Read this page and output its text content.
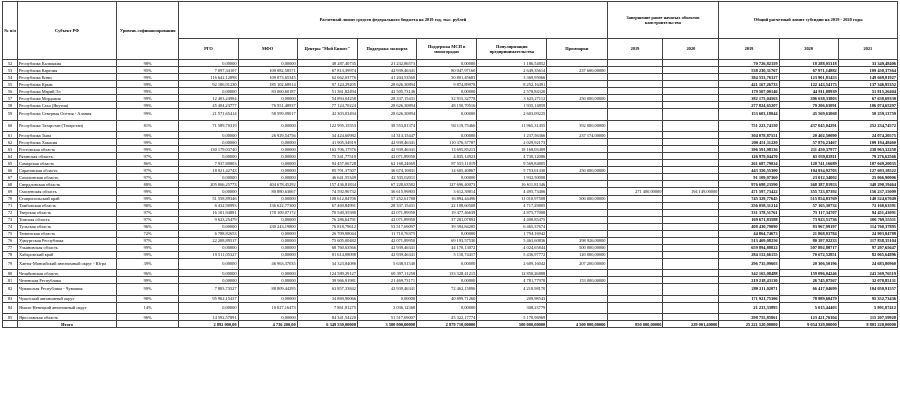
№ п/п	Субъект РФ	Уровень софинансирования	Расчетный лимит средств федерального бюджета на 2019 год, тыс. рублей							Завершение ранее начатых объектов капстроительства		Общий расчетный лимит субсидии на 2019 - 2020 годы		
			РГО	МФО	Центры "Мой Бизнес"	Поддержка экспорта	Поддержка МСП в моногородах	Популяризация предпринимательства	Промпарки	2019	2020	2019	2020	2021
52	Республика Калмыкия	98%	0,00000	0,00000	48 287,40735	21 232,86573	0,00000	1 186,54852				70 726,82159	18 288,05318	33 349,48406
53	Республика Карелия	95%	7 097,34107	100 082,58571	67 813,39974	42 939,46341	80 047,97160	2 649,35614	237 600,00000			538 230,31767	67 971,14882	109 450,37364
54	Республика Коми	99%	116 642,12898	109 873,65345	62 662,03776	41 204,53560	50 801,45683	3 369,95066				384 553,76327	123 901,81453	149 669,81927
55	Республика Крым	99%	92 186,91230	185 102,68914	97 124,29205	28 626,30894	9 874,89978	8 252,16491				421 167,26733	122 143,54173	137 346,95352
56	Республика Марий Эл	99%	0,00000	83 060,60187	51 361,82494	42 505,73146	0,00000	2 578,84320				179 507,00146	44 811,88939	51 815,26404
57	Республика Мордовия	99%	12 403,24984	0,00000	54 894,04258	28 337,15431	32 915,32778	3 625,27112	250 000,00000			382 175,04563	396 638,33803	67 638,69330
58	Республика Саха (Якутия)	99%	45 404,23777	76 551,48937	77 124,70224	28 626,30894	48 150,70516	1 935,14859				277 824,65207	79 206,63091	106 074,65297
59	Республика Северная Осетия - Алания	99%	21 571,65414	58 599,09017	42 303,03494	28 626,30894	0,00000	2 603,09225				153 603,18044	45 569,63068	50 259,13759
60	Республика Татарстан (Татарстан)	81%	71 589,70319	0,00000	122 995,15553	38 553,81374	94 119,75466	11 965,31455	392 000,00000			751 223,74150	437 045,04291	252 234,74572
61	Республика Тыва	99%	0,00000	26 929,54756	34 424,60982	14 313,15447	0,00000	1 237,56366	237 174,00000			304 078,87551	20 402,50090	24 074,20575
62	Республика Хакасия	99%	0,00000	0,00000	41 905,34919	42 939,46341	110 376,37787	2 029,92173				200 451,11220	57 876,23467	109 194,48460
63	Ростовская область	99%	130 179,03740	0,00000	163 706,17576	42 939,46341	13 695,85213	18 168,03409				396 591,98136	211 450,37977	238 963,32258
64	Рязанская область	97%	0,00000	0,00000	75 341,77510	42 071,89950	4 835,14923	4 730,12086				126 979,04470	65 039,82811	79 276,62566
65	Самарская область	86%	7 937,80803	0,00000	94 457,06728	62 168,24669	87 555,11019	9 569,84805				261 687,79024	128 741,16689	187 049,20035
66	Саратовская область	97%	18 021,42743	0,00000	85 701,37507	36 674,10841	14 605,40867	5 753,01430	250 000,00000			443 350,55300	104 934,92703	127 693,18522
67	Сахалинская область	97%	0,00000	0,00000	46 641,55349	42 535,02011	0,00000	1 932,50000				91 109,07360	23 012,34002	25 066,90006
68	Свердловская область	88%	205 066,25773	404 678,45292	157 436,81834	67 228,63582	127 696,40073	16 611,81346				976 698,23590	368 387,81953	348 290,19464
69	Смоленская область	99%	0,00000	80 880,63667	74 592,96732	36 615,99803	3 612,39814	4 495,73406		271 400,00000	194 149,00000	471 597,73422	355 723,87392	156 237,15009
70	Ставропольский край	99%	51 558,89346	0,00000	108 612,84706	57 252,61788	16 894,44496	11 010,97508	500 000,00000			745 329,77645	515 854,83769	140 524,67049
71	Тамбовская область	98%	6 432,90993	136 622,77300	67 469,84991	28 337,15431	22 108,60508	4 717,29805				256 058,31214	57 165,30732	72 160,63591
72	Тверская область	97%	16 101,94881	178 109,07172	70 540,35580	42 071,89950	19 477,46639	4 875,77008				331 378,51761	75 117,34707	94 451,43091
73	Томская область	97%	9 623,25479	0,00000	76 286,64791	42 071,89950	37 281,07892	4 408,85475				169 671,83588	73 923,51736	100 769,55511
74	Тульская область	96%	0,00000	230 243,19800	76 818,79612	53 517,69097	39 394,84285	6 465,37674				408 430,79090	83 967,99197	114 760,37895
75	Тюменская область	72%	6 788,82653	0,00000	26 709,98044	11 710,76375	0,00000	1 794,16942				44 864,74673	21 868,03784	24 903,84788
76	Удмуртская Республика	97%	22 208,89517	0,00000	75 605,00482	42 071,89950	69 193,57530	5 463,60836	298 926,00000			513 469,08256	80 397,92233	117 838,35104
77	Ульяновская область	99%	0,00000	0,00000	68 760,63566	42 939,46341	44 170,13072	4 024,65844	500 000,00000			659 894,88822	507 892,80717	97 297,65647
78	Хабаровский край	99%	19 511,05327	0,00000	81 614,08098	42 939,46341	5 118,74417	5 436,97772	120 000,00000			284 152,66155	70 672,52851	82 065,64896
79	Ханты-Мансийский автономный округ - Югра	39%	0,00000	46 963,37035	34 323,84086	5 638,51540	0,00000	2 609,16042	207 200,00000			296 735,09603	20 306,50196	24 683,80960
80	Челябинская область	96%	0,00000	0,00000	124 589,29127	69 397,11258	133 328,41215	12 850,26888				342 165,08488	159 096,04246	243 569,76519
81	Чеченская Республика	99%	0,00000	0,00000	39 966,91981	21 469,73171	0,00000	4 781,77978	153 000,00000			219 218,43130	26 745,07567	32 070,85131
82	Чувашская Республика - Чувашия	99%	7 883,73527	88 809,44295	63 857,33842	42 939,46341	72 462,15896	4 218,98170				280 211,02071	66 417,04699	104 050,91557
83	Чукотский автономный округ	98%	95 962,15437	0,00000	34 869,90066	0,00000	40 899,71260	209,98543				171 921,75306	78 989,60479	95 352,73436
84	Ямало-Ненецкий автономный округ	14%	0,00000	10 027,16473	7 861,81275	3 036,12368	0,00000	308,23779				21 233,33895	5 015,44403	5 991,87412
85	Ярославская область	96%	14 592,57891	0,00000	84 341,54220	51 517,69007	25 322,17774	5 170,96969				298 755,85861	123 421,76304	115 207,59928
	Итого		2 892 000,00	4 736 200,00	6 349 530,00000	3 500 000,00000	2 879 710,00000	500 000,00000	4 500 000,00000	850 000,00000	229 001,40000	25 221 520,00000	9 054 329,00000	8 803 220,00000
